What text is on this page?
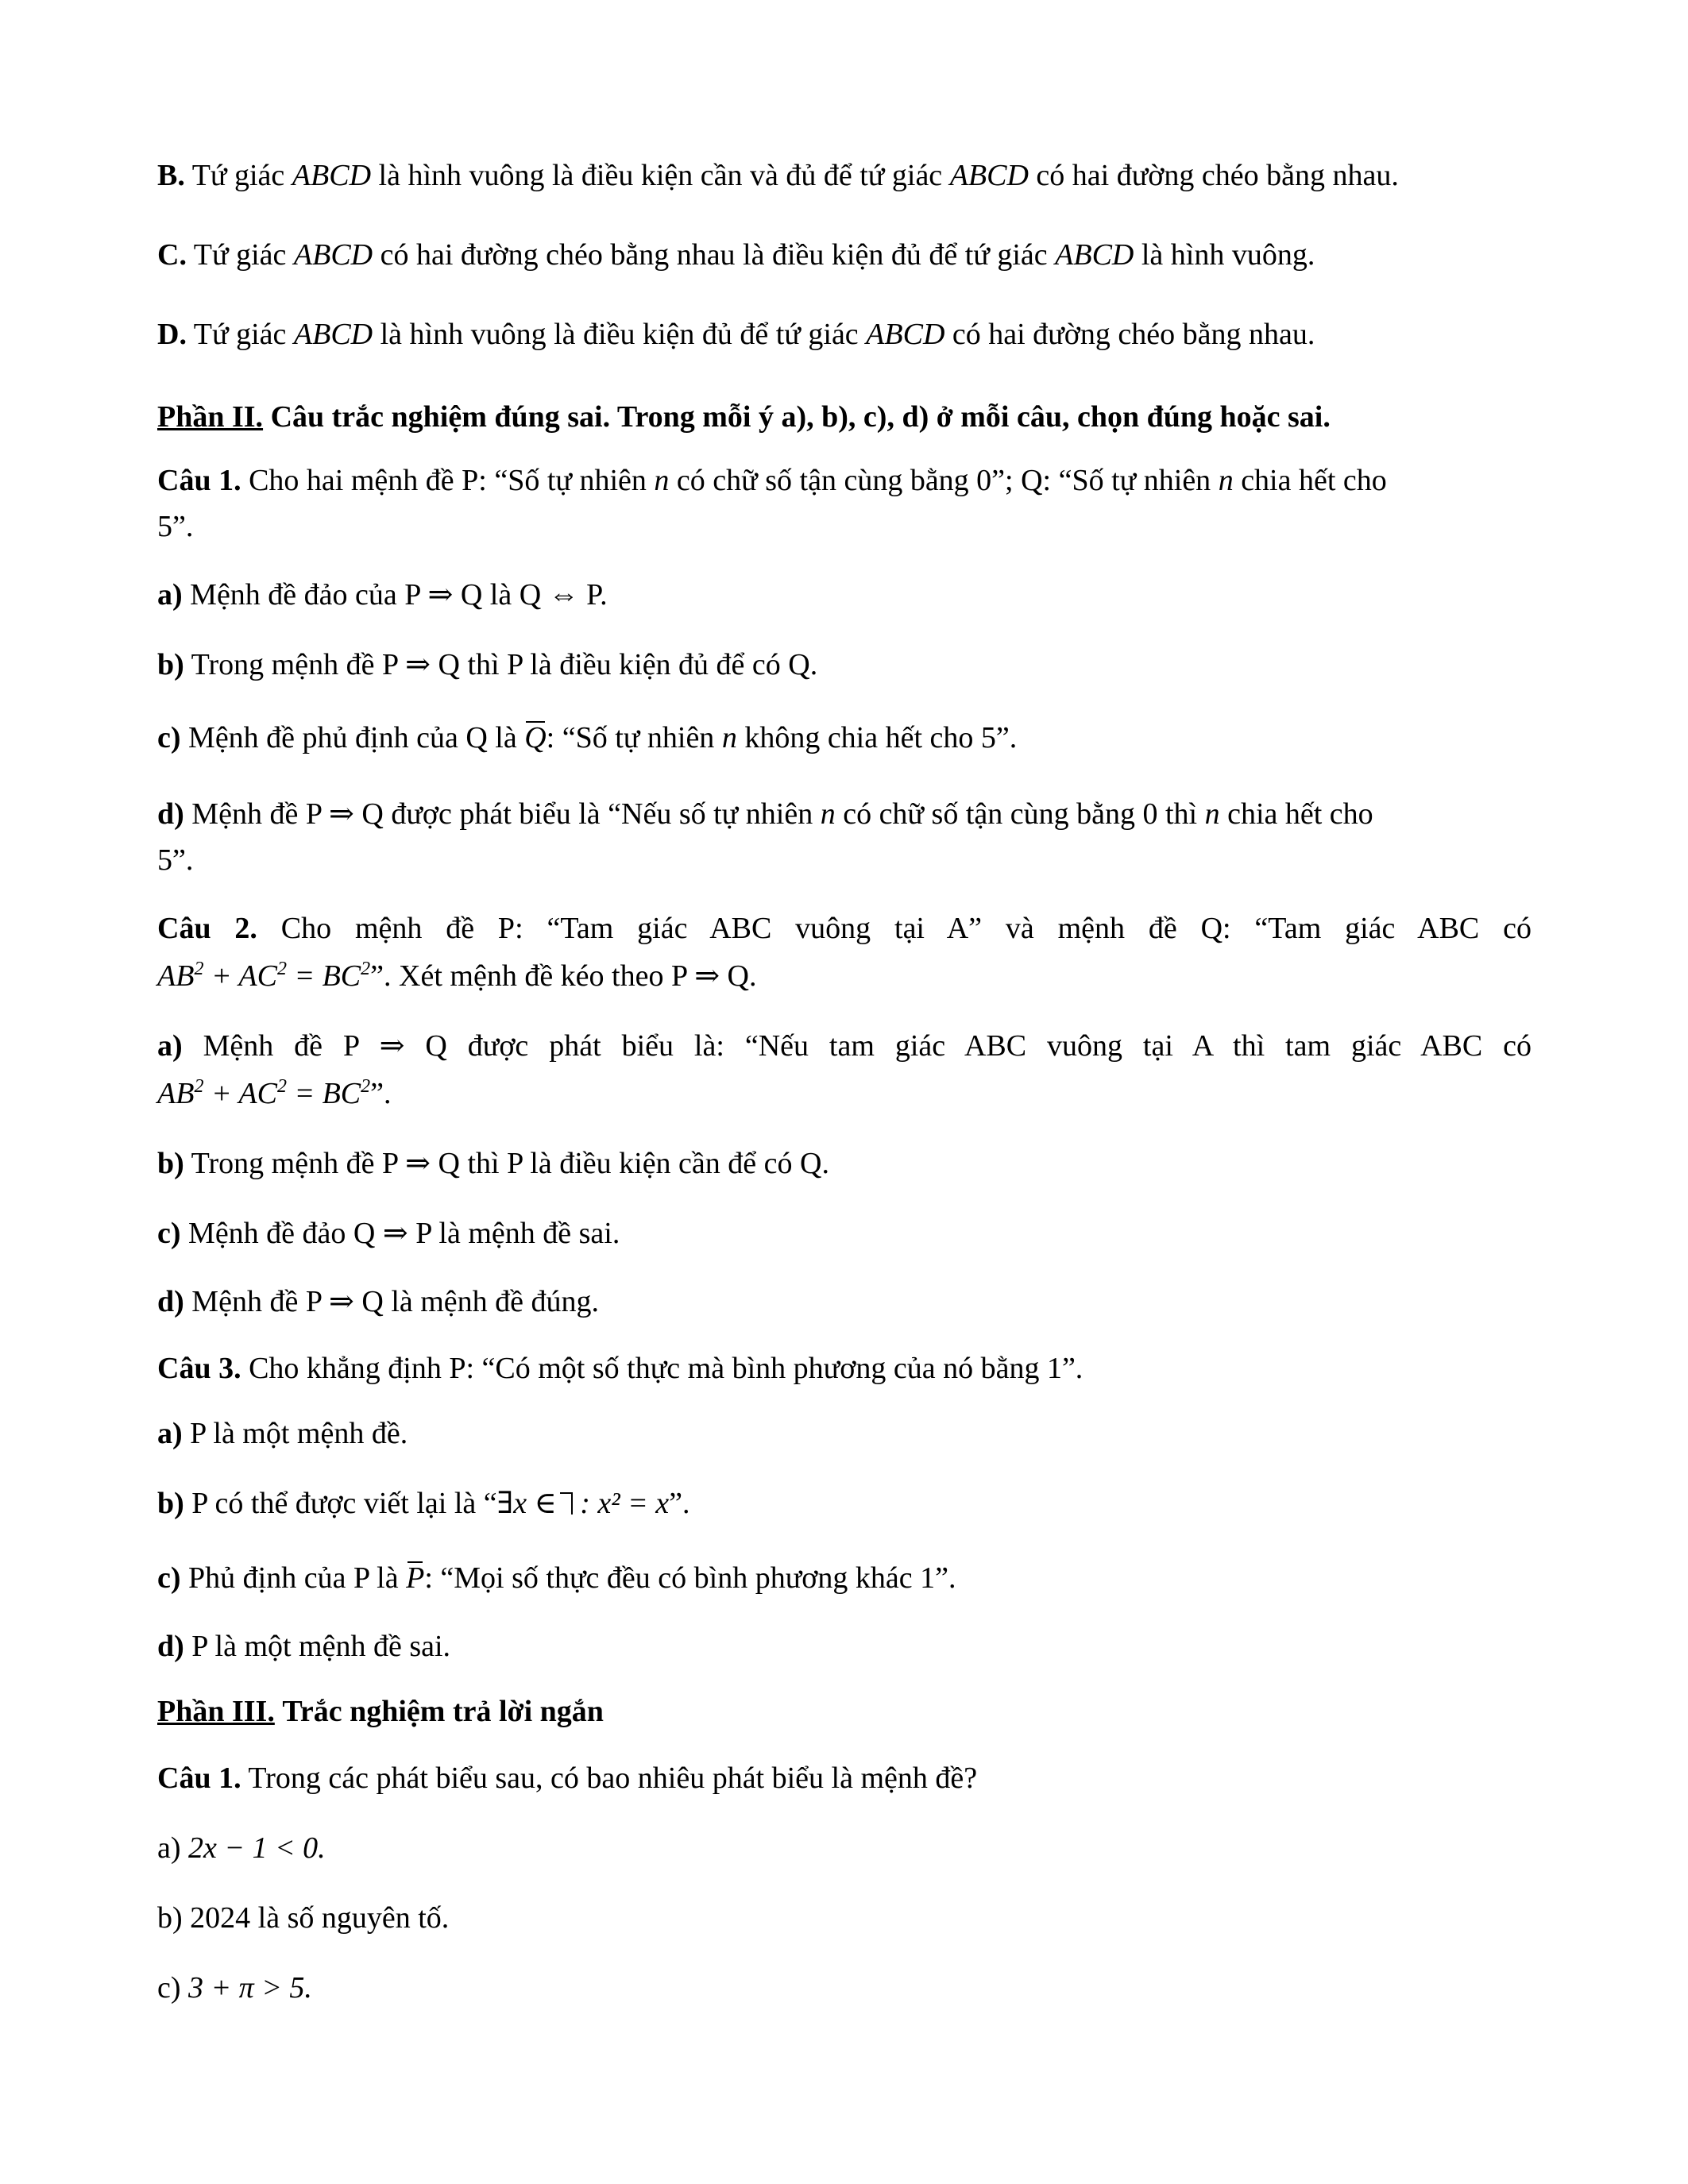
B. Tứ giác ABCD là hình vuông là điều kiện cần và đủ để tứ giác ABCD có hai đường chéo bằng nhau.
C. Tứ giác ABCD có hai đường chéo bằng nhau là điều kiện đủ để tứ giác ABCD là hình vuông.
D. Tứ giác ABCD là hình vuông là điều kiện đủ để tứ giác ABCD có hai đường chéo bằng nhau.
Phần II. Câu trắc nghiệm đúng sai. Trong mỗi ý a), b), c), d) ở mỗi câu, chọn đúng hoặc sai.
Câu 1. Cho hai mệnh đề P: “Số tự nhiên n có chữ số tận cùng bằng 0”; Q: “Số tự nhiên n chia hết cho
5”.
a) Mệnh đề đảo của P ⇒ Q là Q ⇔ P.
b) Trong mệnh đề P ⇒ Q thì P là điều kiện đủ để có Q.
c) Mệnh đề phủ định của Q là Q: “Số tự nhiên n không chia hết cho 5”.
d) Mệnh đề P ⇒ Q được phát biểu là “Nếu số tự nhiên n có chữ số tận cùng bằng 0 thì n chia hết cho
5”.
Câu 2. Cho mệnh đề P: “Tam giác ABC vuông tại A” và mệnh đề Q: “Tam giác ABC có
$AB^2 + AC^2 = BC^2$”. Xét mệnh đề kéo theo P ⇒ Q.
a) Mệnh đề P ⇒ Q được phát biểu là: “Nếu tam giác ABC vuông tại A thì tam giác ABC có
$AB^2 + AC^2 = BC^2$”.
b) Trong mệnh đề P ⇒ Q thì P là điều kiện cần để có Q.
c) Mệnh đề đảo Q ⇒ P là mệnh đề sai.
d) Mệnh đề P ⇒ Q là mệnh đề đúng.
Câu 3. Cho khẳng định P: “Có một số thực mà bình phương của nó bằng 1”.
a) P là một mệnh đề.
b) P có thể được viết lại là “∃x ∈ : x² = x”.
c) Phủ định của P là P: “Mọi số thực đều có bình phương khác 1”.
d) P là một mệnh đề sai.
Phần III. Trắc nghiệm trả lời ngắn
Câu 1. Trong các phát biểu sau, có bao nhiêu phát biểu là mệnh đề?
a) 2x − 1 < 0.
b) 2024 là số nguyên tố.
c) 3 + π > 5.
